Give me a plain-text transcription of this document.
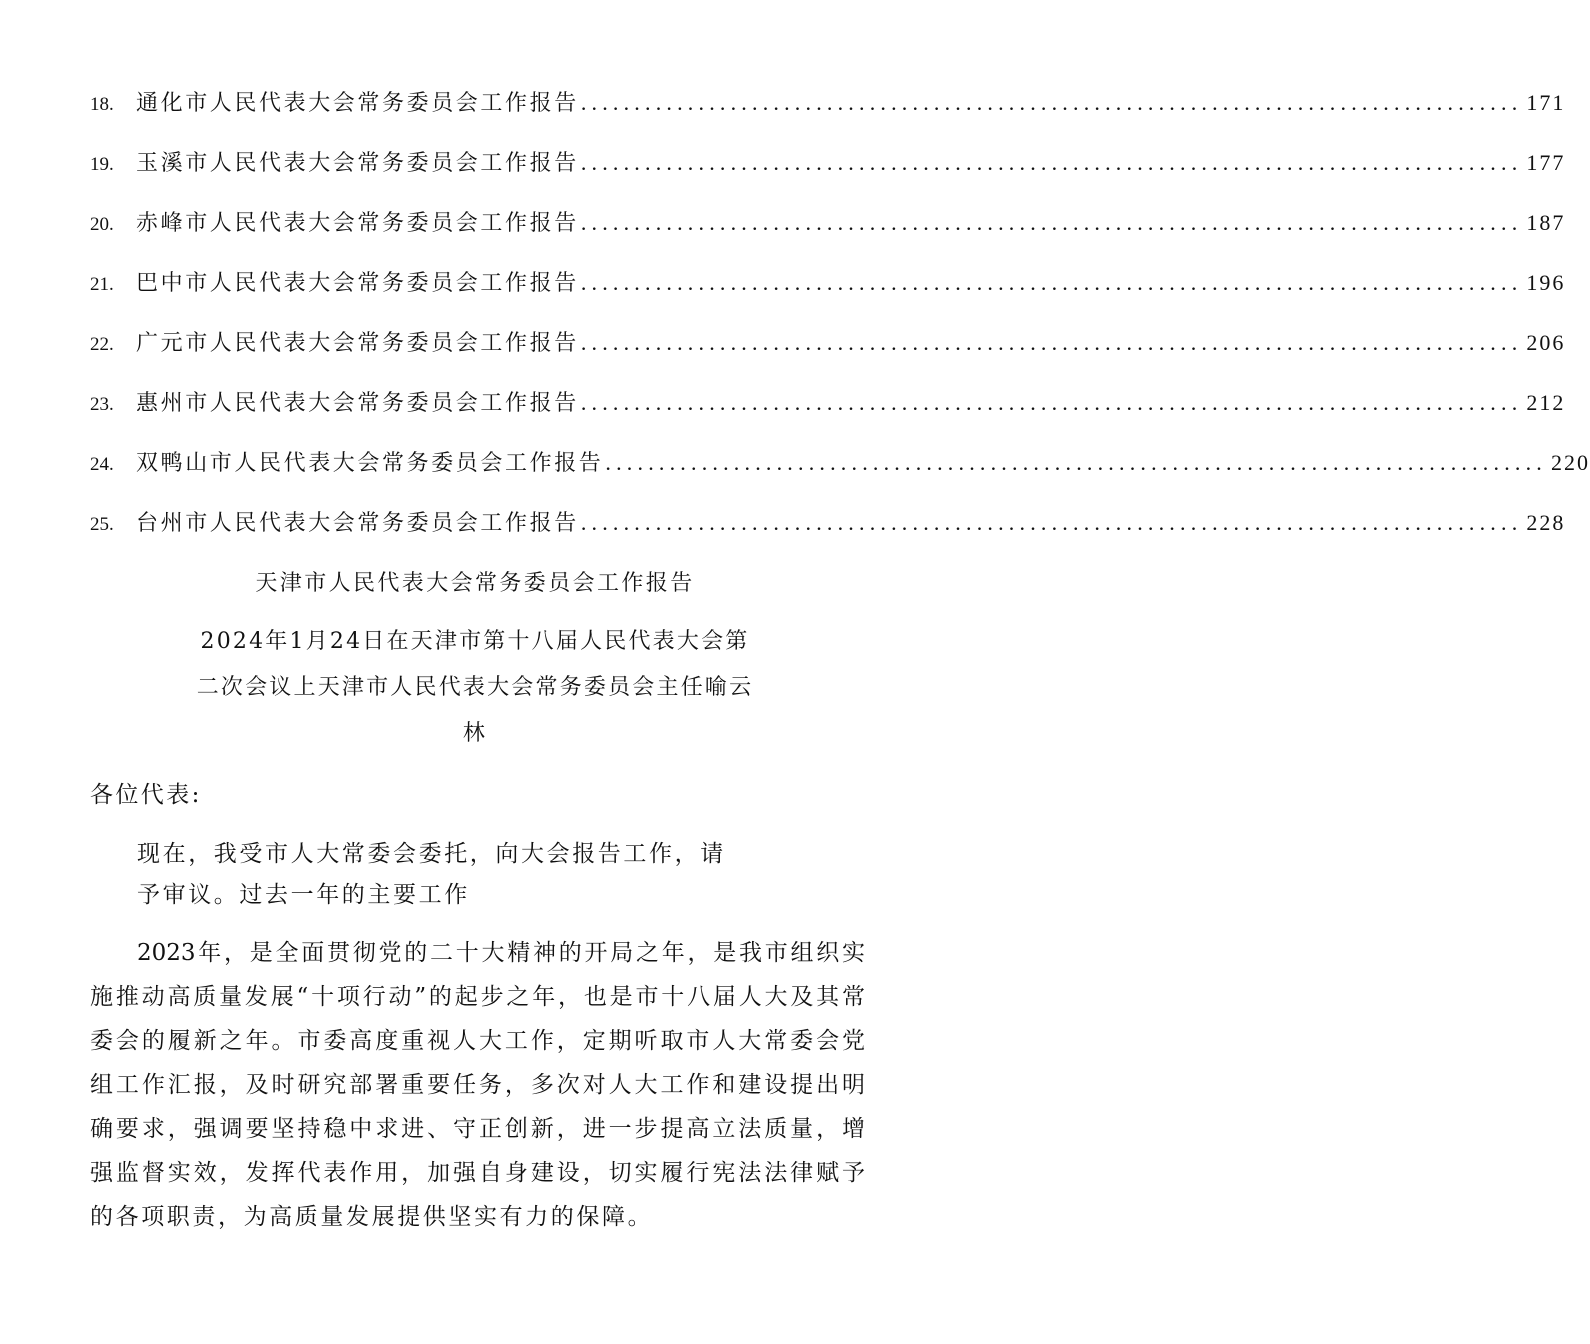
18.	通化市人民代表大会常务委员会工作报告 ........................................................................................ 171
19.	玉溪市人民代表大会常务委员会工作报告 ........................................................................................ 177
20.	赤峰市人民代表大会常务委员会工作报告 ........................................................................................ 187
21.	巴中市人民代表大会常务委员会工作报告 ........................................................................................ 196
22.	广元市人民代表大会常务委员会工作报告 ........................................................................................ 206
23.	惠州市人民代表大会常务委员会工作报告 ........................................................................................ 212
24.	双鸭山市人民代表大会常务委员会工作报告 ........................................................................................ 220
25.	台州市人民代表大会常务委员会工作报告 ........................................................................................ 228
天津市人民代表大会常务委员会工作报告
2024年1月24日在天津市第十八届人民代表大会第
二次会议上天津市人民代表大会常务委员会主任喻云
林
各位代表:
现在，我受市人大常委会委托，向大会报告工作，请
予审议。过去一年的主要工作
2023年，是全面贯彻党的二十大精神的开局之年，是我市组织实
施推动高质量发展“十项行动”的起步之年，也是市十八届人大及其常
委会的履新之年。市委高度重视人大工作，定期听取市人大常委会党
组工作汇报，及时研究部署重要任务，多次对人大工作和建设提出明
确要求，强调要坚持稳中求进、守正创新，进一步提高立法质量，增
强监督实效，发挥代表作用，加强自身建设，切实履行宪法法律赋予
的各项职责，为高质量发展提供坚实有力的保障。
